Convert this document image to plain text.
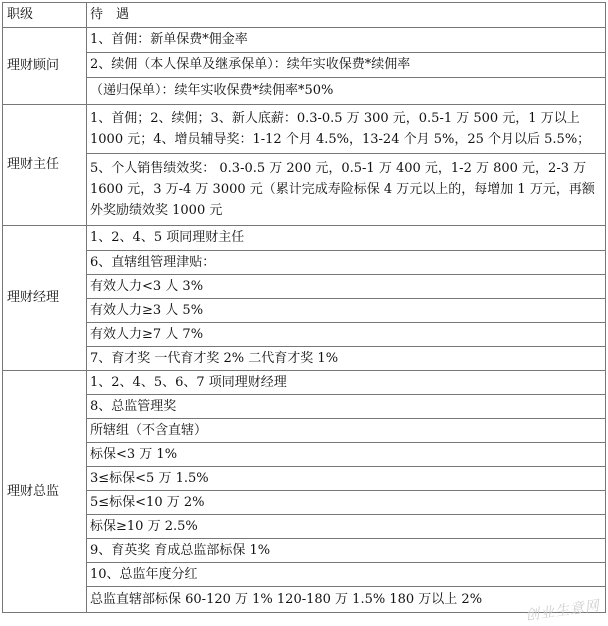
职级	待　遇
理财顾问	1、首佣：新单保费*佣金率
	2、续佣（本人保单及继承保单）：续年实收保费*续佣率
	（递归保单）：续年实收保费*续佣率*50%
理财主任	1、首佣；2、续佣；3、新人底薪：0.3-0.5 万 300 元，0.5-1 万 500 元，1 万以上 1000 元；4、增员辅导奖：1-12 个月 4.5%，13-24 个月 5%，25 个月以后 5.5%；
	5、个人销售绩效奖： 0.3-0.5 万 200 元，0.5-1 万 400 元，1-2 万 800 元，2-3 万 1600 元，3 万-4 万 3000 元（累计完成寿险标保 4 万元以上的，每增加 1 万元，再额外奖励绩效奖 1000 元
理财经理	1、2、4、5 项同理财主任
	6、直辖组管理津贴：
	有效人力<3 人 3%
	有效人力≥3 人 5%
	有效人力≥7 人 7%
	7、育才奖 一代育才奖 2% 二代育才奖 1%
理财总监	1、2、4、5、6、7 项同理财经理
	8、总监管理奖
	所辖组（不含直辖）
	标保<3 万 1%
	3≤标保<5 万 1.5%
	5≤标保<10 万 2%
	标保≥10 万 2.5%
	9、育英奖 育成总监部标保 1%
	10、总监年度分红
	总监直辖部标保 60-120 万 1% 120-180 万 1.5% 180 万以上 2%	创业生意网
